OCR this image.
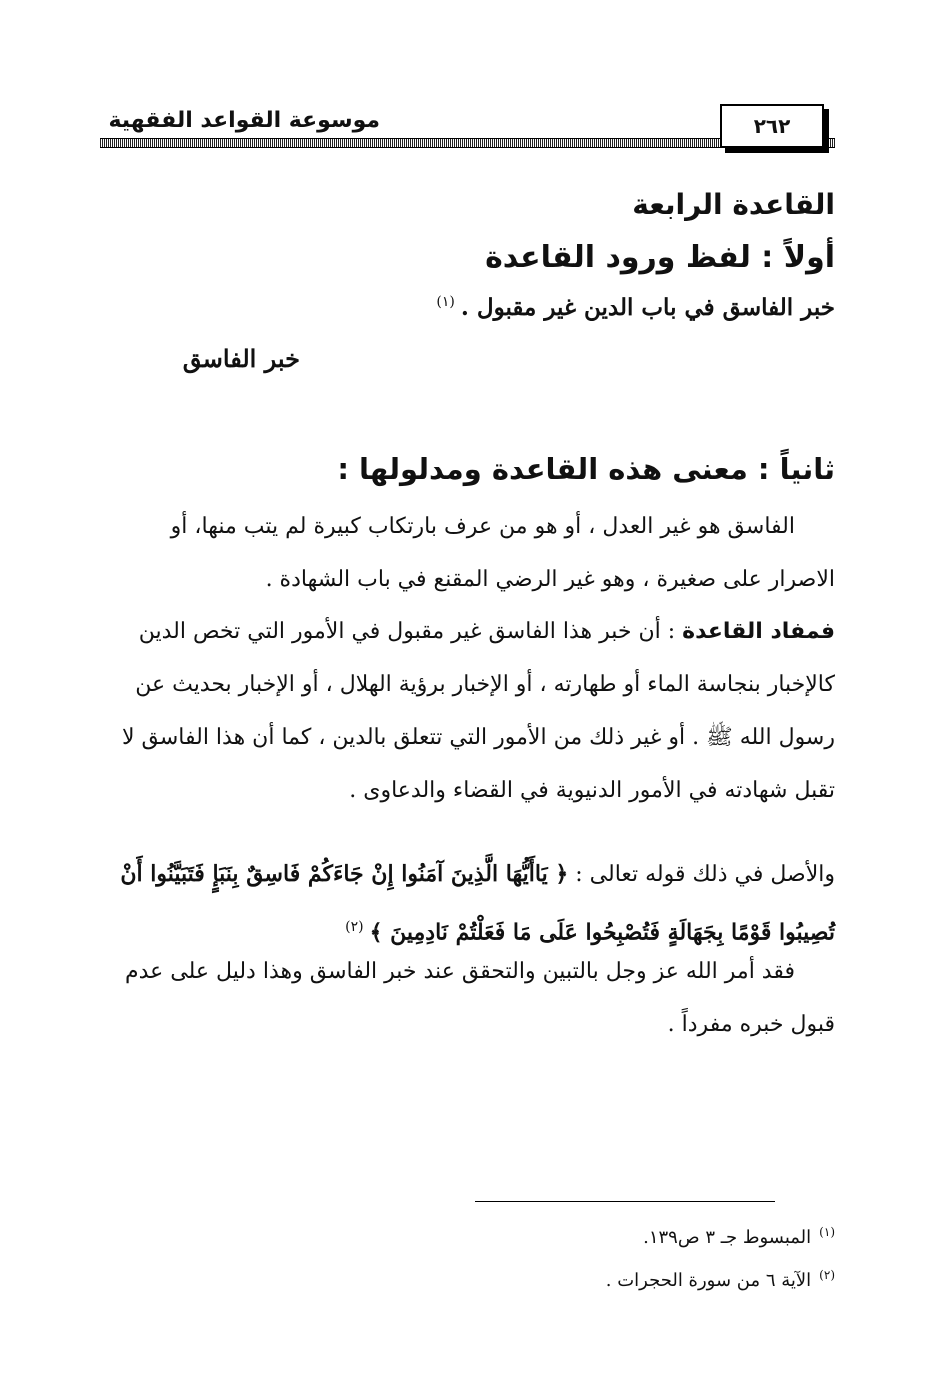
موسوعة القواعد الفقهية	٢٦٢
القاعدة الرابعة
أولاً : لفظ ورود القاعدة
خبر الفاسق في باب الدين غير مقبول .$^{(١)}$
خبر الفاسق
ثانياً : معنى هذه القاعدة ومدلولها :
الفاسق هو غير العدل ، أو هو من عرف بارتكاب كبيرة لم يتب منها، أو الاصرار على صغيرة ، وهو غير الرضي المقنع في باب الشهادة .
فمفاد القاعدة : أن خبر هذا الفاسق غير مقبول في الأمور التي تخص الدين كالإخبار بنجاسة الماء أو طهارته ، أو الإخبار برؤية الهلال ، أو الإخبار بحديث عن رسول الله ﷺ . أو غير ذلك من الأمور التي تتعلق بالدين ، كما أن هذا الفاسق لا تقبل شهادته في الأمور الدنيوية في القضاء والدعاوى .
والأصل في ذلك قوله تعالى : ﴿ يَاأَيُّهَا الَّذِينَ آمَنُوا إِنْ جَاءَكُمْ فَاسِقٌ بِنَبَإٍ فَتَبَيَّنُوا أَنْ تُصِيبُوا قَوْمًا بِجَهَالَةٍ فَتُصْبِحُوا عَلَى مَا فَعَلْتُمْ نَادِمِينَ ﴾$^{(٢)}$
فقد أمر الله عز وجل بالتبين والتحقق عند خبر الفاسق وهذا دليل على عدم قبول خبره مفرداً .
$^{(١)}$المبسوط جـ ٣ ص١٣٩.
$^{(٢)}$الآية ٦ من سورة الحجرات .
